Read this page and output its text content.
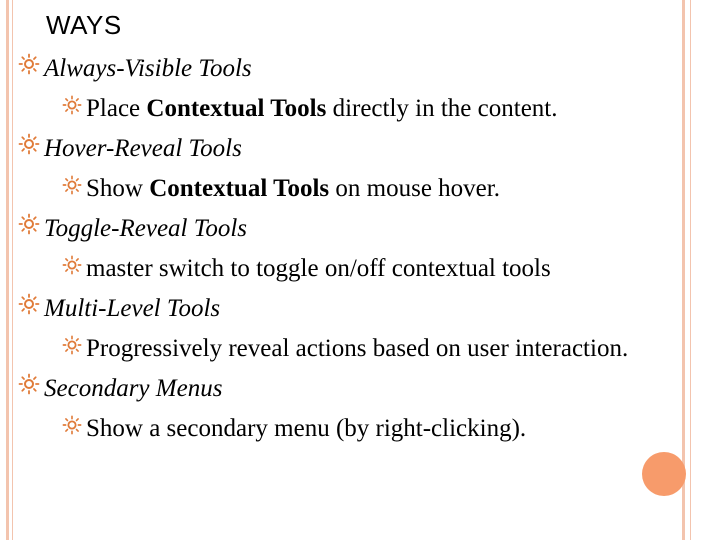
WAYS
Always-Visible Tools
Place Contextual Tools directly in the content.
Hover-Reveal Tools
Show Contextual Tools on mouse hover.
Toggle-Reveal Tools
master switch to toggle on/off contextual tools
Multi-Level Tools
Progressively reveal actions based on user interaction.
Secondary Menus
Show a secondary menu (by right-clicking).
